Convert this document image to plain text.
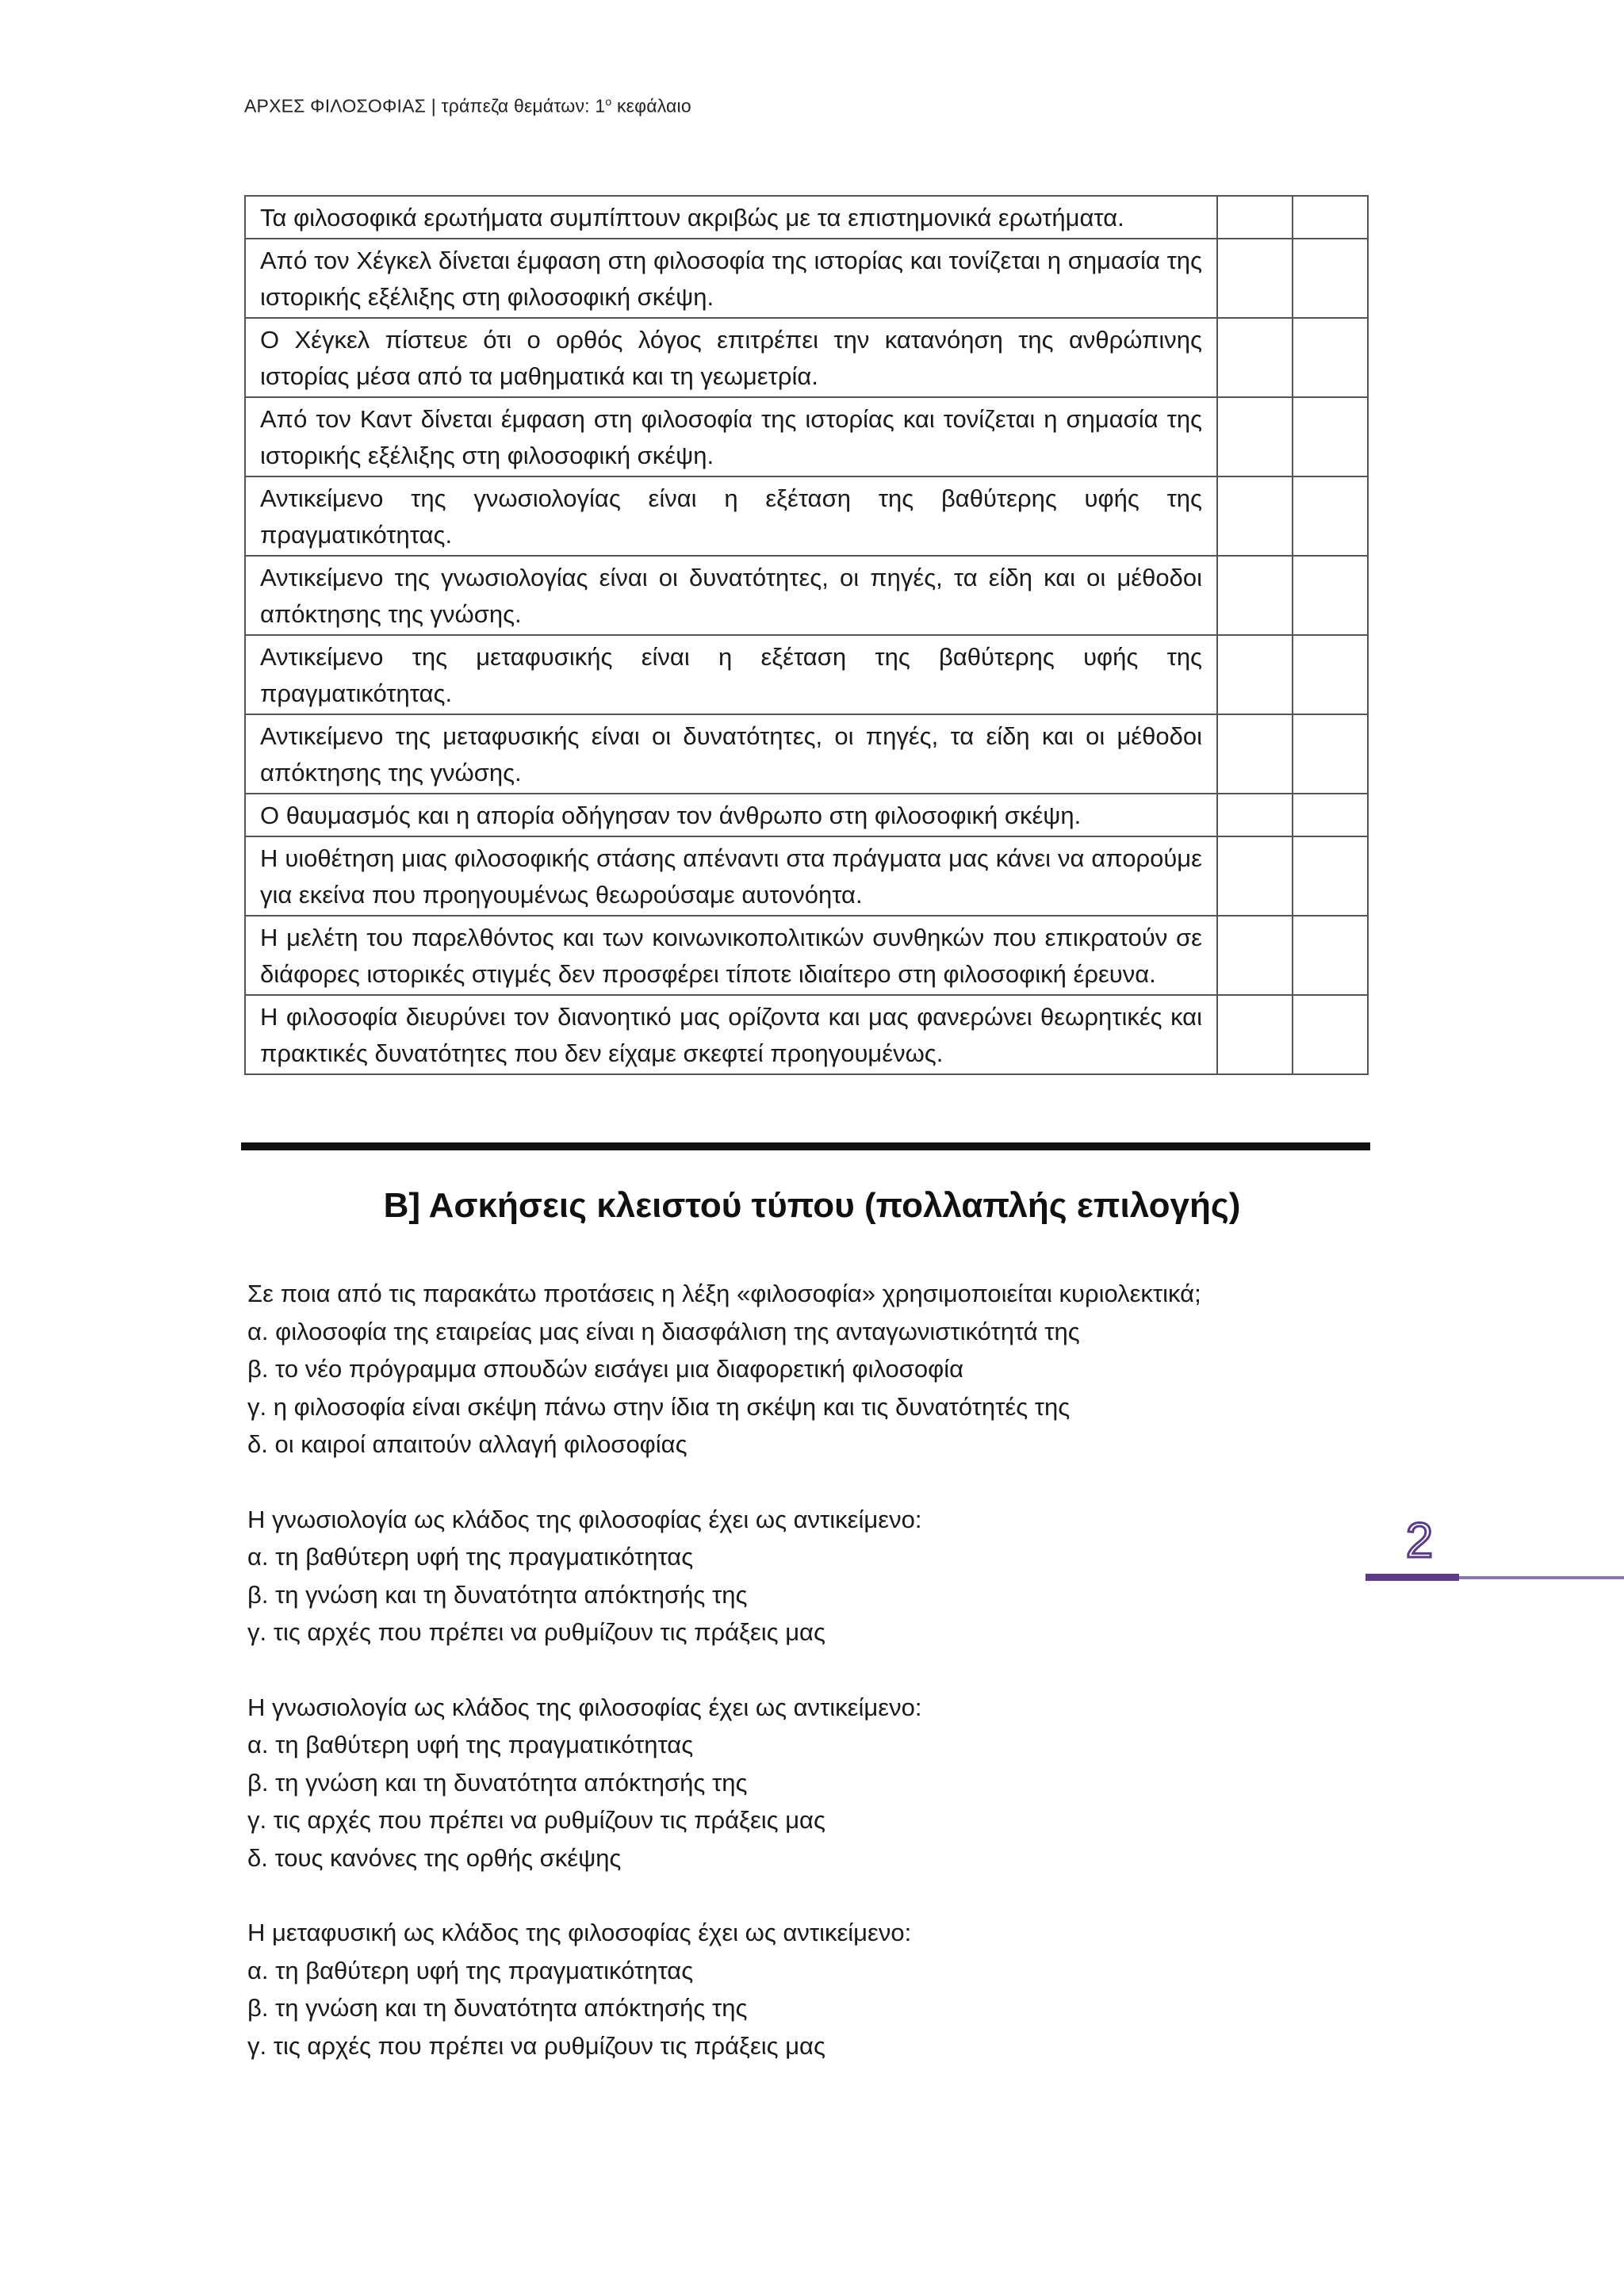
ΑΡΧΕΣ ΦΙΛΟΣΟΦΙΑΣ | τράπεζα θεμάτων: $1^o$ κεφάλαιο
Τα φιλοσοφικά ερωτήματα συμπίπτουν ακριβώς με τα επιστημονικά ερωτήματα.		
Από τον Χέγκελ δίνεται έμφαση στη φιλοσοφία της ιστορίας και τονίζεται η σημασία της ιστορικής εξέλιξης στη φιλοσοφική σκέψη.		
Ο Χέγκελ πίστευε ότι ο ορθός λόγος επιτρέπει την κατανόηση της ανθρώπινης ιστορίας μέσα από τα μαθηματικά και τη γεωμετρία.		
Από τον Καντ δίνεται έμφαση στη φιλοσοφία της ιστορίας και τονίζεται η σημασία της ιστορικής εξέλιξης στη φιλοσοφική σκέψη.		
Αντικείμενο της γνωσιολογίας είναι η εξέταση της βαθύτερης υφής της πραγματικότητας.		
Αντικείμενο της γνωσιολογίας είναι οι δυνατότητες, οι πηγές, τα είδη και οι μέθοδοι απόκτησης της γνώσης.		
Αντικείμενο της μεταφυσικής είναι η εξέταση της βαθύτερης υφής της πραγματικότητας.		
Αντικείμενο της μεταφυσικής είναι οι δυνατότητες, οι πηγές, τα είδη και οι μέθοδοι απόκτησης της γνώσης.		
Ο θαυμασμός και η απορία οδήγησαν τον άνθρωπο στη φιλοσοφική σκέψη.		
Η υιοθέτηση μιας φιλοσοφικής στάσης απέναντι στα πράγματα μας κάνει να απορούμε για εκείνα που προηγουμένως θεωρούσαμε αυτονόητα.		
Η μελέτη του παρελθόντος και των κοινωνικοπολιτικών συνθηκών που επικρατούν σε διάφορες ιστορικές στιγμές δεν προσφέρει τίποτε ιδιαίτερο στη φιλοσοφική έρευνα.		
Η φιλοσοφία διευρύνει τον διανοητικό μας ορίζοντα και μας φανερώνει θεωρητικές και πρακτικές δυνατότητες που δεν είχαμε σκεφτεί προηγουμένως.		
Β] Ασκήσεις κλειστού τύπου (πολλαπλής επιλογής)
Σε ποια από τις παρακάτω προτάσεις η λέξη «φιλοσοφία» χρησιμοποιείται κυριολεκτικά;
α. φιλοσοφία της εταιρείας μας είναι η διασφάλιση της ανταγωνιστικότητά της
β. το νέο πρόγραμμα σπουδών εισάγει μια διαφορετική φιλοσοφία
γ. η φιλοσοφία είναι σκέψη πάνω στην ίδια τη σκέψη και τις δυνατότητές της
δ. οι καιροί απαιτούν αλλαγή φιλοσοφίας
Η γνωσιολογία ως κλάδος της φιλοσοφίας έχει ως αντικείμενο:
α. τη βαθύτερη υφή της πραγματικότητας
β. τη γνώση και τη δυνατότητα απόκτησής της
γ. τις αρχές που πρέπει να ρυθμίζουν τις πράξεις μας
Η γνωσιολογία ως κλάδος της φιλοσοφίας έχει ως αντικείμενο:
α. τη βαθύτερη υφή της πραγματικότητας
β. τη γνώση και τη δυνατότητα απόκτησής της
γ. τις αρχές που πρέπει να ρυθμίζουν τις πράξεις μας
δ. τους κανόνες της ορθής σκέψης
Η μεταφυσική ως κλάδος της φιλοσοφίας έχει ως αντικείμενο:
α. τη βαθύτερη υφή της πραγματικότητας
β. τη γνώση και τη δυνατότητα απόκτησής της
γ. τις αρχές που πρέπει να ρυθμίζουν τις πράξεις μας
2
